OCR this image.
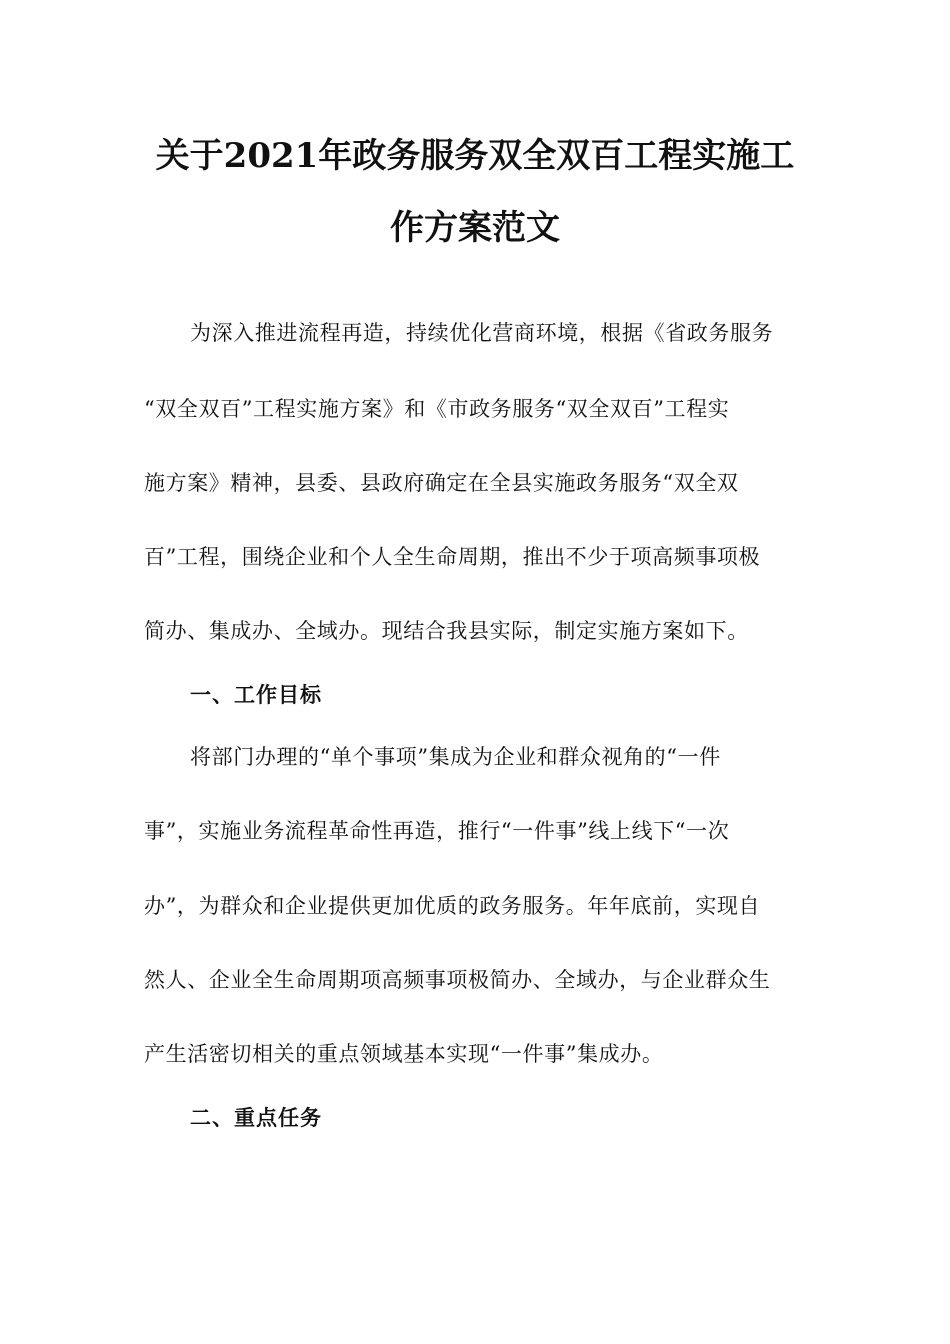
关于2021年政务服务双全双百工程实施工
作方案范文
为深入推进流程再造，持续优化营商环境，根据《省政务服务
“双全双百”工程实施方案》和《市政务服务“双全双百”工程实
施方案》精神，县委、县政府确定在全县实施政务服务“双全双
百”工程，围绕企业和个人全生命周期，推出不少于项高频事项极
简办、集成办、全域办。现结合我县实际，制定实施方案如下。
一、工作目标
将部门办理的“单个事项”集成为企业和群众视角的“一件
事”，实施业务流程革命性再造，推行“一件事”线上线下“一次
办”，为群众和企业提供更加优质的政务服务。年年底前，实现自
然人、企业全生命周期项高频事项极简办、全域办，与企业群众生
产生活密切相关的重点领域基本实现“一件事”集成办。
二、重点任务
